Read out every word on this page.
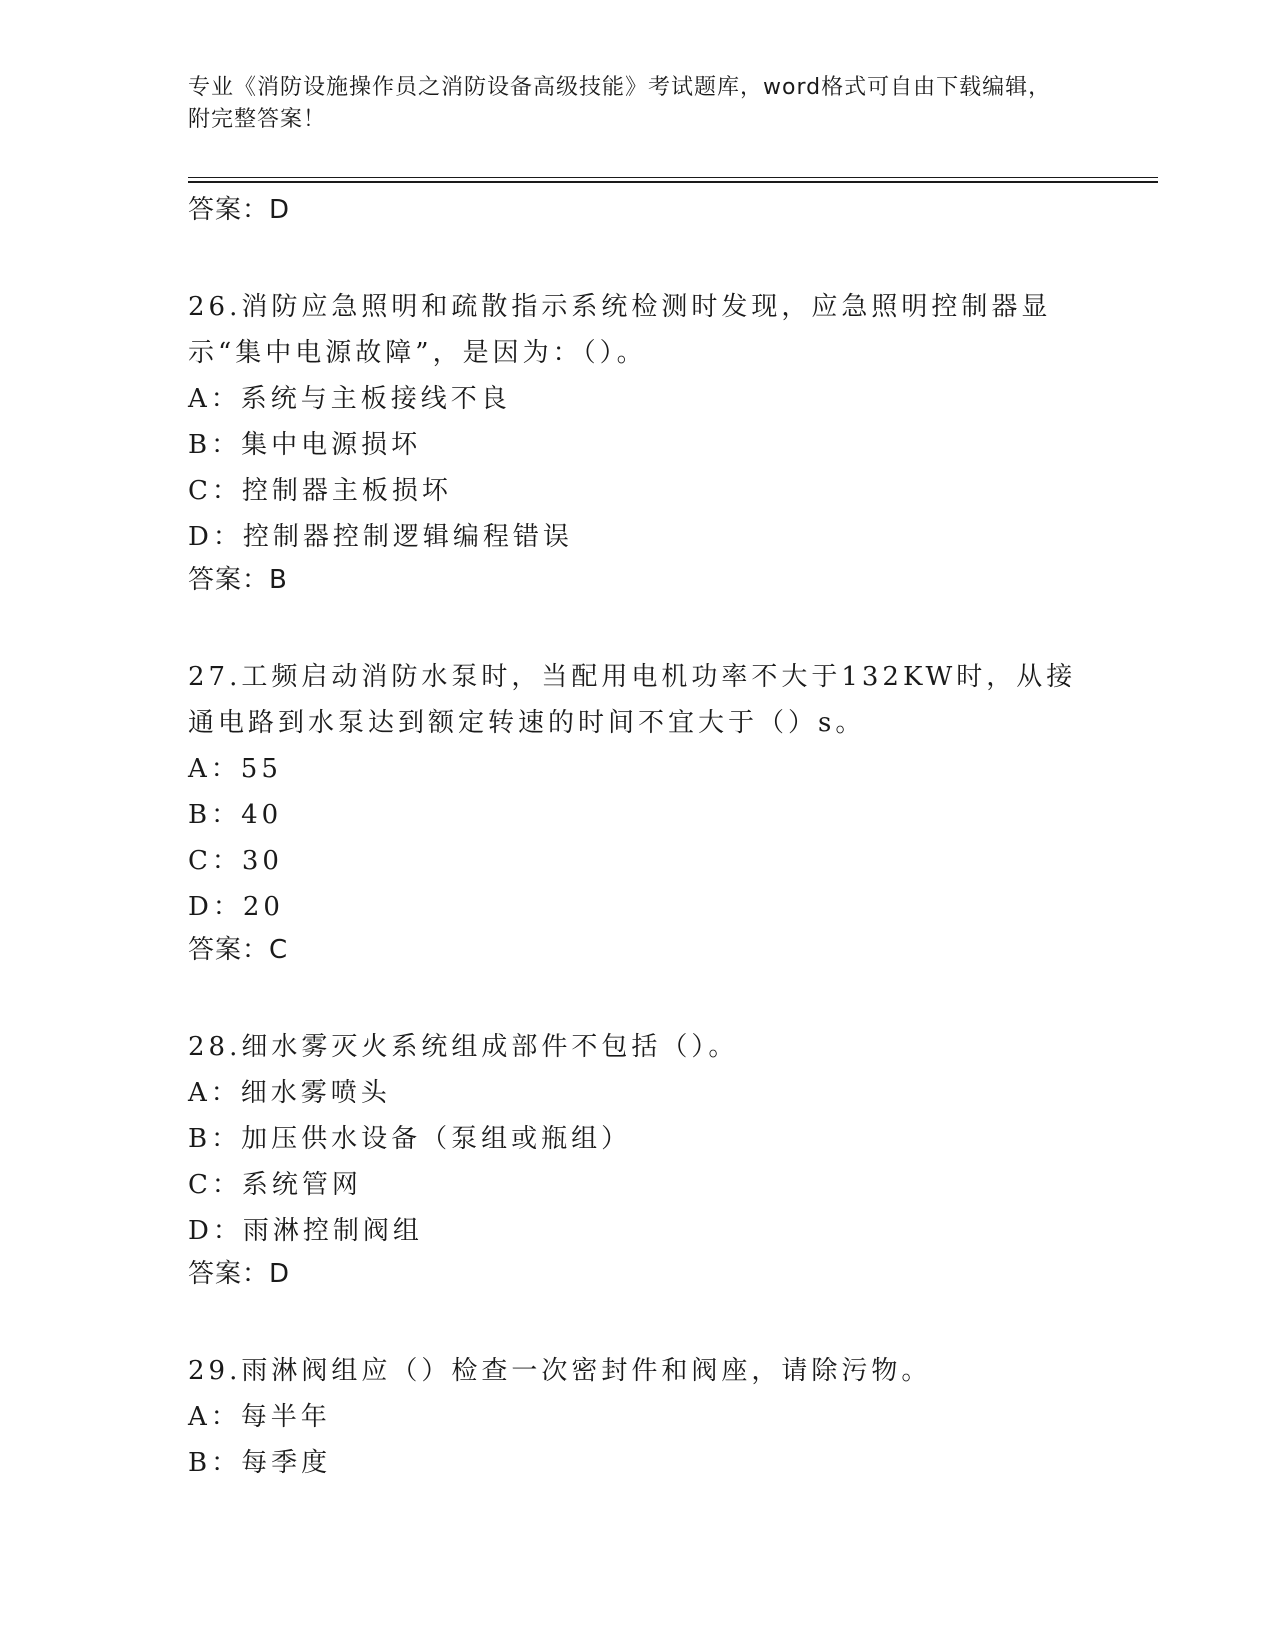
专业《消防设施操作员之消防设备高级技能》考试题库，word格式可自由下载编辑，附完整答案！
答案：D
26.消防应急照明和疏散指示系统检测时发现，应急照明控制器显示“集中电源故障”，是因为：（）。
A：系统与主板接线不良
B：集中电源损坏
C：控制器主板损坏
D：控制器控制逻辑编程错误
答案：B
27.工频启动消防水泵时，当配用电机功率不大于132KW时，从接通电路到水泵达到额定转速的时间不宜大于（）s。
A：55
B：40
C：30
D：20
答案：C
28.细水雾灭火系统组成部件不包括（）。
A：细水雾喷头
B：加压供水设备（泵组或瓶组）
C：系统管网
D：雨淋控制阀组
答案：D
29.雨淋阀组应（）检查一次密封件和阀座，请除污物。
A：每半年
B：每季度
